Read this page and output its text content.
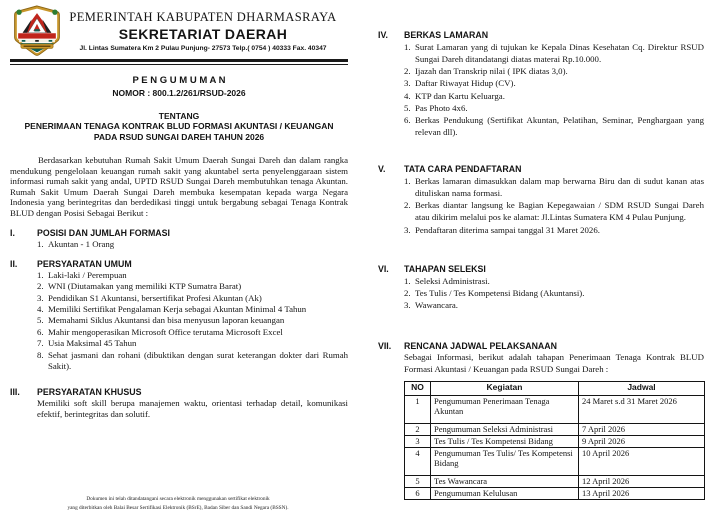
PEMERINTAH KABUPATEN DHARMASRAYA
SEKRETARIAT DAERAH
Jl. Lintas Sumatera Km 2 Pulau Punjung- 27573 Telp.( 0754 ) 40333 Fax. 40347
P E N G U M U M A N
NOMOR : 800.1.2/261/RSUD-2026
TENTANG
PENERIMAAN TENAGA KONTRAK BLUD FORMASI AKUNTASI / KEUANGAN
PADA RSUD SUNGAI DAREH TAHUN 2026
Berdasarkan kebutuhan Rumah Sakit Umum Daerah Sungai Dareh dan dalam rangka mendukung pengelolaan keuangan rumah sakit yang akuntabel serta penyelenggaraan sistem informasi rumah sakit yang andal, UPTD RSUD Sungai Dareh membutuhkan tenaga Akuntan. Rumah Sakit Umum Daerah Sungai Dareh membuka kesempatan kepada warga Negara Indonesia yang berintegritas dan berdedikasi tinggi untuk bergabung sebagai Tenaga Kontrak BLUD dengan Posisi Sebagai Berikut :
I.	POSISI DAN JUMLAH FORMASI
Akuntan - 1 Orang
II.	PERSYARATAN UMUM
Laki-laki / Perempuan
WNI (Diutamakan yang memiliki KTP Sumatra Barat)
Pendidikan S1 Akuntansi, bersertifikat Profesi Akuntan (Ak)
Memiliki Sertifikat Pengalaman Kerja sebagai Akuntan Minimal 4 Tahun
Memahami Siklus Akuntansi dan bisa menyusun laporan keuangan
Mahir mengoperasikan Microsoft Office terutama Microsoft Excel
Usia Maksimal 45 Tahun
Sehat jasmani dan rohani (dibuktikan dengan surat keterangan dokter dari Rumah Sakit).
III.	PERSYARATAN KHUSUS
Memiliki soft skill berupa manajemen waktu, orientasi terhadap detail, komunikasi efektif, berintegritas dan solutif.
Dokumen ini telah ditandatangani secara elektronik menggunakan sertifikat elektronik
yang diterbitkan oleh Balai Besar Sertifikasi Elektronik (BSrE), Badan Siber dan Sandi Negara (BSSN).
IV.	BERKAS LAMARAN
Surat Lamaran yang di tujukan ke Kepala Dinas Kesehatan Cq. Direktur RSUD Sungai Dareh ditandatangi diatas materai Rp.10.000.
Ijazah dan Transkrip nilai ( IPK diatas 3,0).
Daftar Riwayat Hidup (CV).
KTP dan Kartu Keluarga.
Pas Photo 4x6.
Berkas Pendukung (Sertifikat Akuntan, Pelatihan, Seminar, Penghargaan yang relevan dll).
V.	TATA CARA PENDAFTARAN
Berkas lamaran dimasukkan dalam map berwarna Biru dan di sudut kanan atas dituliskan nama formasi.
Berkas diantar langsung ke Bagian Kepegawaian / SDM RSUD Sungai Dareh atau dikirim melalui pos ke alamat: Jl.Lintas Sumatera KM 4 Pulau Punjung.
Pendaftaran diterima sampai tanggal 31 Maret 2026.
VI.	TAHAPAN SELEKSI
Seleksi Administrasi.
Tes Tulis / Tes Kompetensi Bidang (Akuntansi).
Wawancara.
VII.	RENCANA JADWAL PELAKSANAAN
Sebagai Informasi, berikut adalah tahapan Penerimaan Tenaga Kontrak BLUD Formasi Akuntasi / Keuangan pada RSUD Sungai Dareh :
NO	Kegiatan	Jadwal
1	Pengumuman Penerimaan Tenaga Akuntan	24 Maret s.d 31 Maret 2026
2	Pengumuman Seleksi Administrasi	7 April 2026
3	Tes Tulis / Tes Kompetensi Bidang	9 April 2026
4	Pengumuman Tes Tulis/ Tes Kompetensi Bidang	10 April 2026
5	Tes Wawancara	12 April 2026
6	Pengumuman Kelulusan	13 April 2026
